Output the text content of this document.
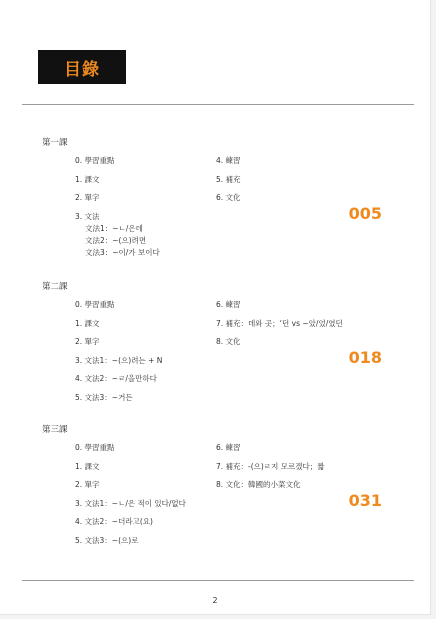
目錄
第一課
0. 學習重點
1. 課文
2. 單字
3. 文法
文法1：~ㄴ/은데
文法2：~(으)려면
文法3：~이/가 보이다
4. 練習
5. 補充
6. 文化
005
第二課
0. 學習重點
1. 課文
2. 單字
3. 文法1：~(으)려는 + N
4. 文法2：~ㄹ/을만하다
5. 文法3：~거든
6. 練習
7. 補充：데와 곳；‘던 vs ~았/었/였던
8. 文化
018
第三課
0. 學習重點
1. 課文
2. 單字
3. 文法1：~ㄴ/은 적이 있다/없다
4. 文法2：~더라고(요)
5. 文法3：~(으)로
6. 練習
7. 補充：-(으)ㄹ지 모르겠다；짧
8. 文化：韓國的小菜文化
031
2
